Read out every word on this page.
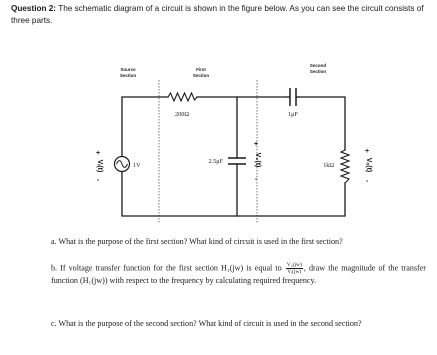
Question 2: The schematic diagram of a circuit is shown in the figure below. As you can see the circuit consists of three parts.
Source
Section
First
Section
Second
Section
200Ω	1μF
1V
2.5μF
1kΩ
+
Vᵢ(t)
-
+
V₂(t)
-
+
Vₒ(t)
-
a. What is the purpose of the first section? What kind of circuit is used in the first section?
b. If voltage transfer function for the first section H₁(jw) is equal to $\frac{\text{V₂(jw)}}{\text{Vᵢ(jw)}}$ , draw the magnitude of the transfer function (H₁(jw)) with respect to the frequency by calculating required frequency.
c. What is the purpose of the second section? What kind of circuit is used in the second section?
